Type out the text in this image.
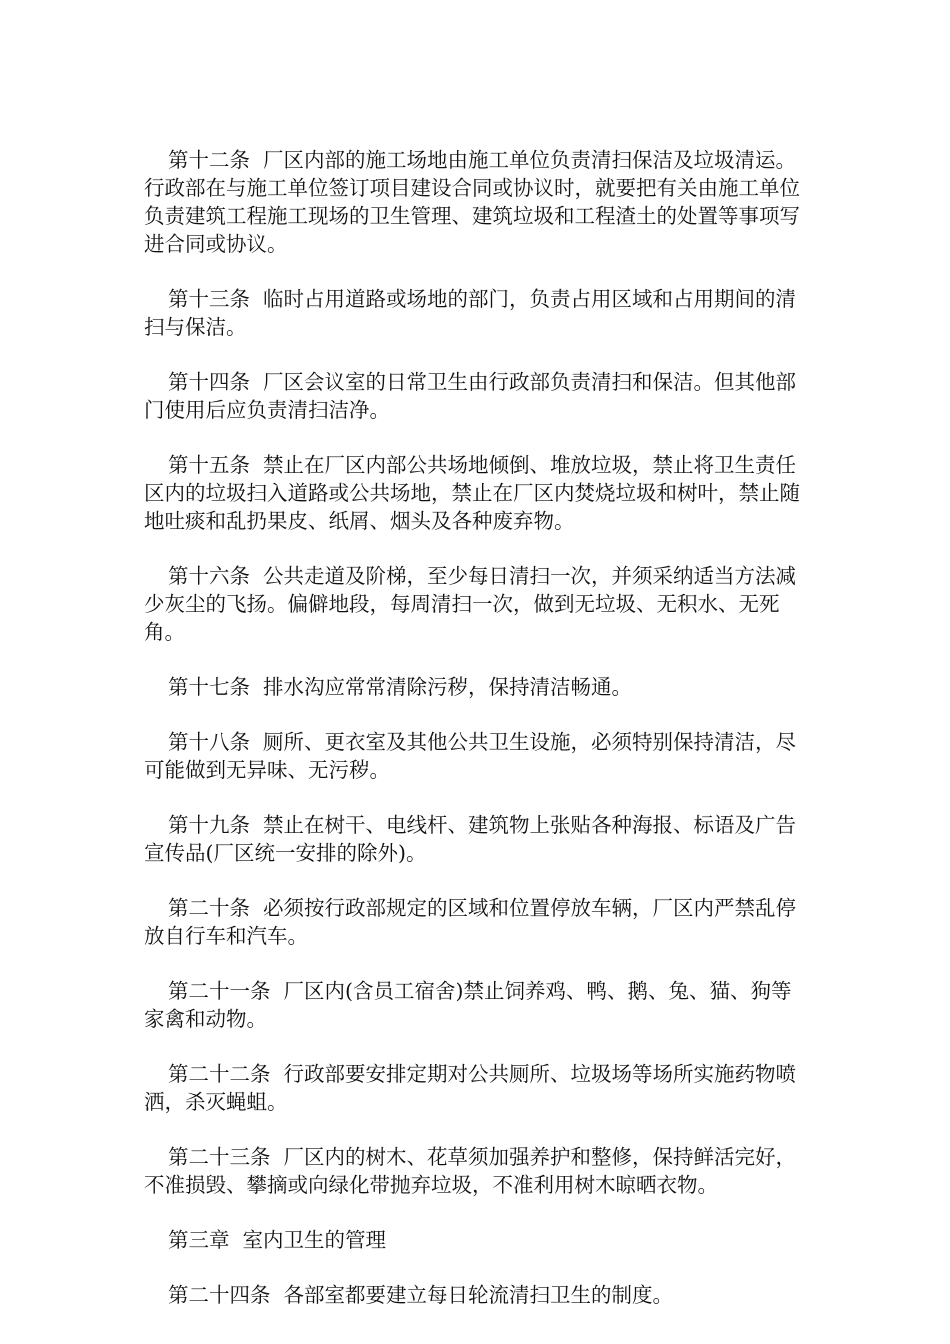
第十二条  厂区内部的施工场地由施工单位负责清扫保洁及垃圾清运。行政部在与施工单位签订项目建设合同或协议时，就要把有关由施工单位负责建筑工程施工现场的卫生管理、建筑垃圾和工程渣土的处置等事项写进合同或协议。

第十三条  临时占用道路或场地的部门，负责占用区域和占用期间的清扫与保洁。

第十四条  厂区会议室的日常卫生由行政部负责清扫和保洁。但其他部门使用后应负责清扫洁净。

第十五条  禁止在厂区内部公共场地倾倒、堆放垃圾，禁止将卫生责任区内的垃圾扫入道路或公共场地，禁止在厂区内焚烧垃圾和树叶，禁止随地吐痰和乱扔果皮、纸屑、烟头及各种废弃物。

第十六条  公共走道及阶梯，至少每日清扫一次，并须采纳适当方法减少灰尘的飞扬。偏僻地段，每周清扫一次，做到无垃圾、无积水、无死角。

第十七条  排水沟应常常清除污秽，保持清洁畅通。

第十八条  厕所、更衣室及其他公共卫生设施，必须特别保持清洁，尽可能做到无异味、无污秽。

第十九条  禁止在树干、电线杆、建筑物上张贴各种海报、标语及广告宣传品(厂区统一安排的除外)。

第二十条  必须按行政部规定的区域和位置停放车辆，厂区内严禁乱停放自行车和汽车。

第二十一条  厂区内(含员工宿舍)禁止饲养鸡、鸭、鹅、兔、猫、狗等家禽和动物。

第二十二条  行政部要安排定期对公共厕所、垃圾场等场所实施药物喷洒，杀灭蝇蛆。

第二十三条  厂区内的树木、花草须加强养护和整修，保持鲜活完好，不准损毁、攀摘或向绿化带抛弃垃圾，不准利用树木晾晒衣物。

第三章  室内卫生的管理

第二十四条  各部室都要建立每日轮流清扫卫生的制度。
